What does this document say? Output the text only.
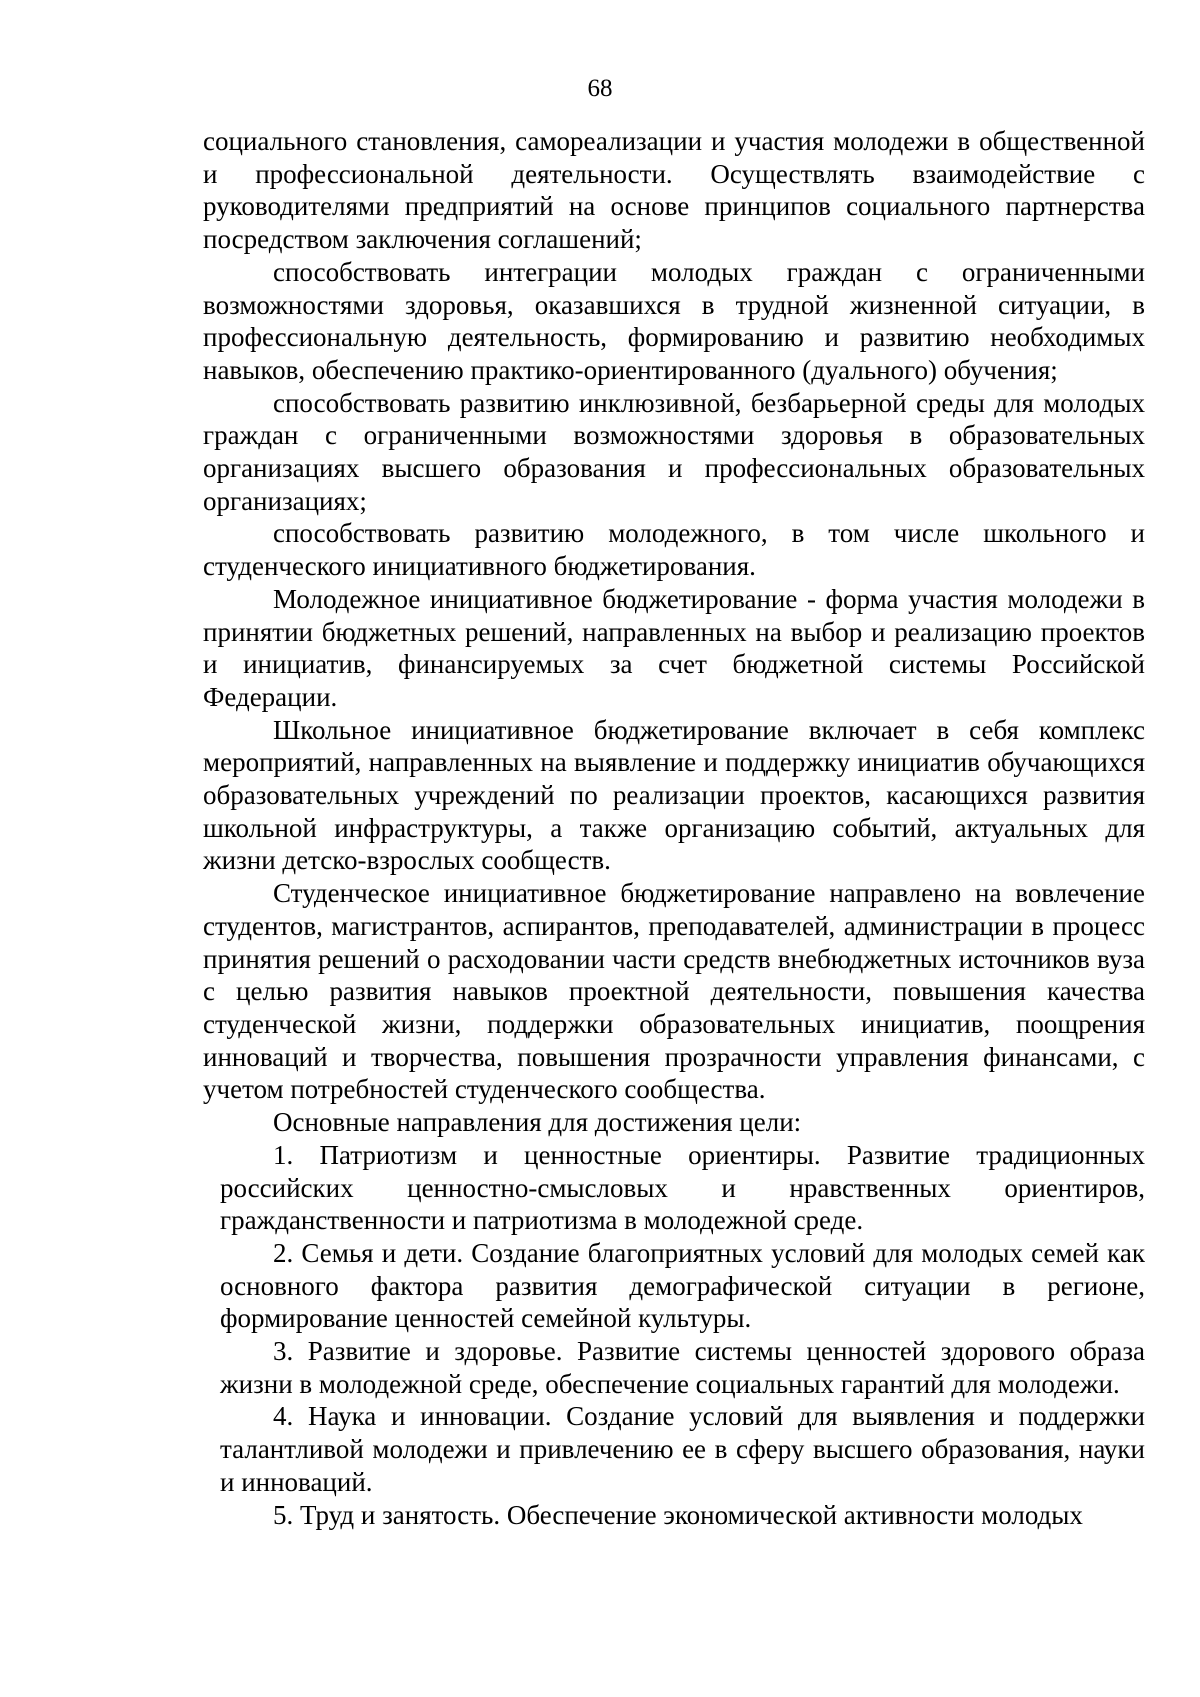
68

социального становления, самореализации и участия молодежи в общественной и профессиональной деятельности. Осуществлять взаимодействие с руководителями предприятий на основе принципов социального партнерства посредством заключения соглашений;

способствовать интеграции молодых граждан с ограниченными возможностями здоровья, оказавшихся в трудной жизненной ситуации, в профессиональную деятельность, формированию и развитию необходимых навыков, обеспечению практико-ориентированного (дуального) обучения;

способствовать развитию инклюзивной, безбарьерной среды для молодых граждан с ограниченными возможностями здоровья в образовательных организациях высшего образования и профессиональных образовательных организациях;

способствовать развитию молодежного, в том числе школьного и студенческого инициативного бюджетирования.

Молодежное инициативное бюджетирование - форма участия молодежи в принятии бюджетных решений, направленных на выбор и реализацию проектов и инициатив, финансируемых за счет бюджетной системы Российской Федерации.

Школьное инициативное бюджетирование включает в себя комплекс мероприятий, направленных на выявление и поддержку инициатив обучающихся образовательных учреждений по реализации проектов, касающихся развития школьной инфраструктуры, а также организацию событий, актуальных для жизни детско-взрослых сообществ.

Студенческое инициативное бюджетирование направлено на вовлечение студентов, магистрантов, аспирантов, преподавателей, администрации в процесс принятия решений о расходовании части средств внебюджетных источников вуза с целью развития навыков проектной деятельности, повышения качества студенческой жизни, поддержки образовательных инициатив, поощрения инноваций и творчества, повышения прозрачности управления финансами, с учетом потребностей студенческого сообщества.

Основные направления для достижения цели:

1. Патриотизм и ценностные ориентиры. Развитие традиционных российских ценностно-смысловых и нравственных ориентиров, гражданственности и патриотизма в молодежной среде.

2. Семья и дети. Создание благоприятных условий для молодых семей как основного фактора развития демографической ситуации в регионе, формирование ценностей семейной культуры.

3. Развитие и здоровье. Развитие системы ценностей здорового образа жизни в молодежной среде, обеспечение социальных гарантий для молодежи.

4. Наука и инновации. Создание условий для выявления и поддержки талантливой молодежи и привлечению ее в сферу высшего образования, науки и инноваций.

5. Труд и занятость. Обеспечение экономической активности молодых
